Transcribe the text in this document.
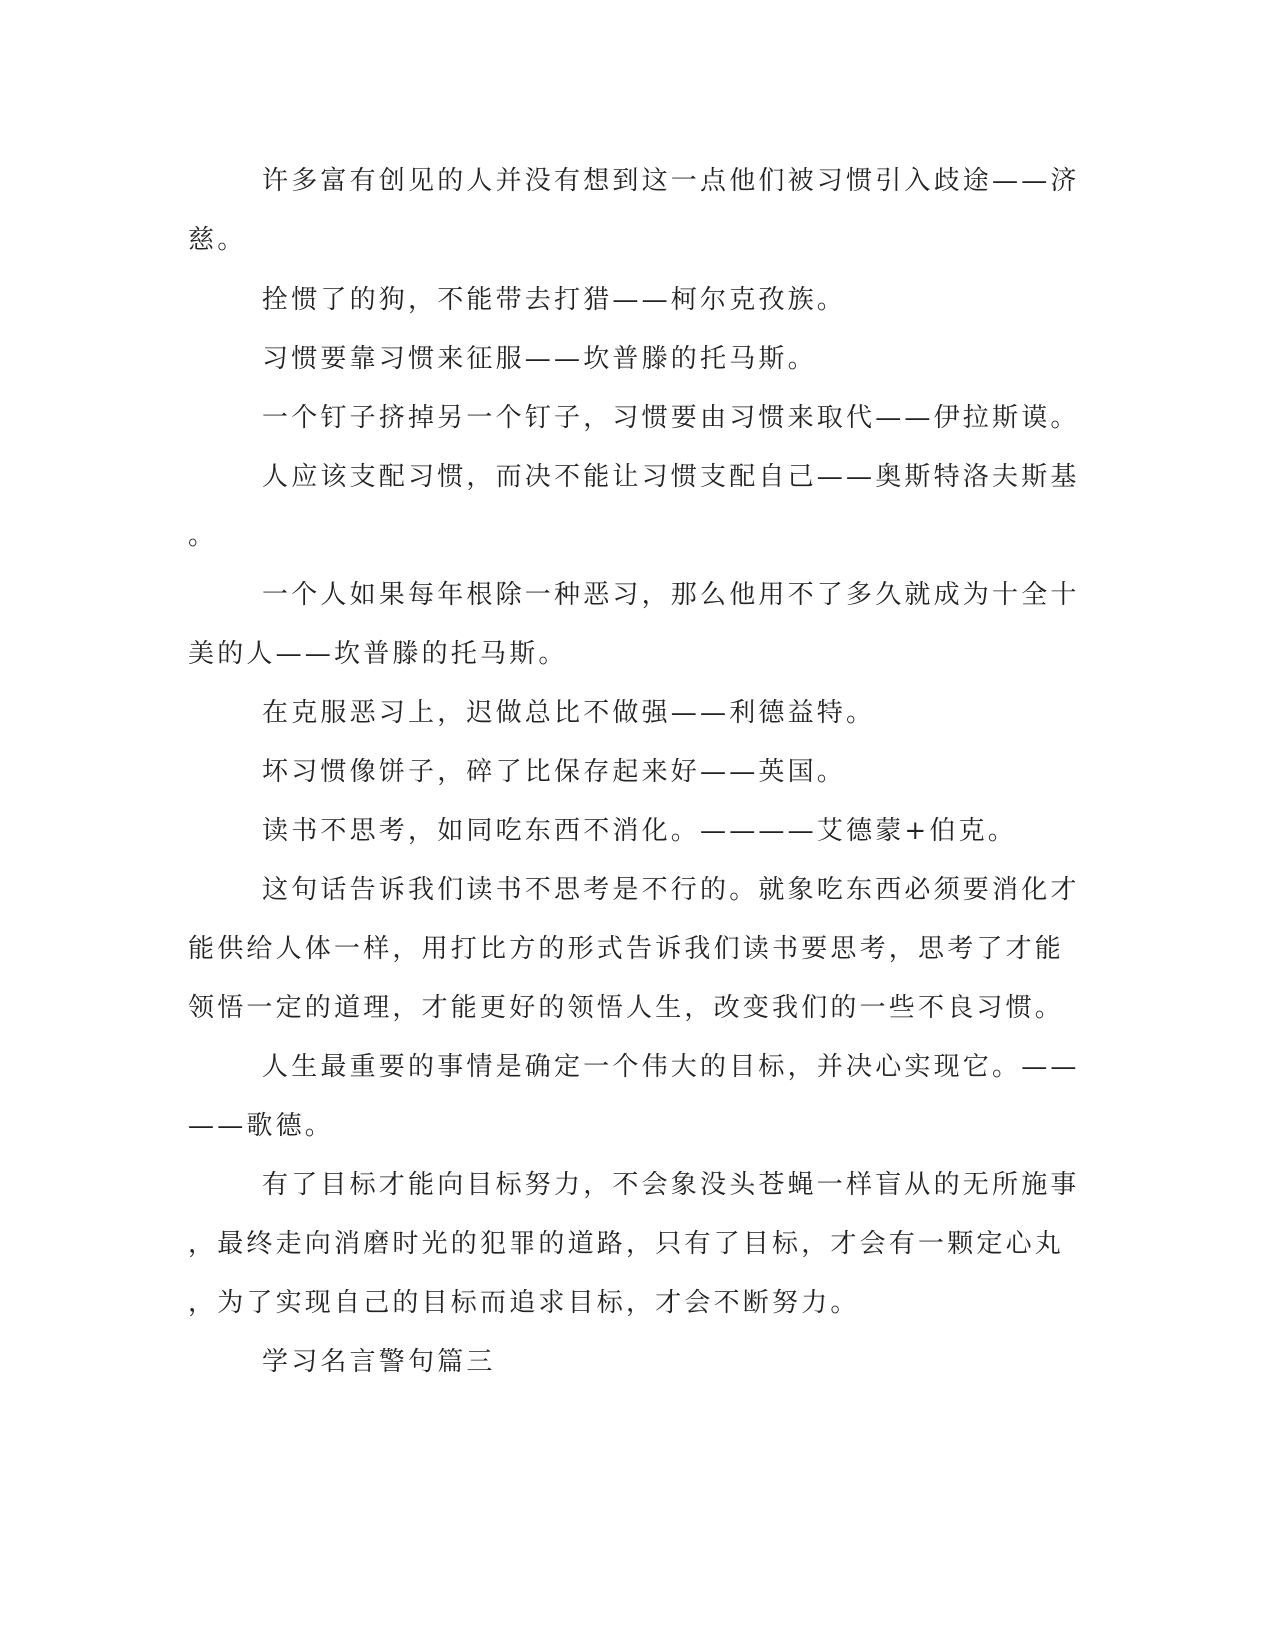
许多富有创见的人并没有想到这一点他们被习惯引入歧途——济

慈。

拴惯了的狗，不能带去打猎——柯尔克孜族。

习惯要靠习惯来征服——坎普滕的托马斯。

一个钉子挤掉另一个钉子，习惯要由习惯来取代——伊拉斯谟。

人应该支配习惯，而决不能让习惯支配自己——奥斯特洛夫斯基

。

一个人如果每年根除一种恶习，那么他用不了多久就成为十全十

美的人——坎普滕的托马斯。

在克服恶习上，迟做总比不做强——利德益特。

坏习惯像饼子，碎了比保存起来好——英国。

读书不思考，如同吃东西不消化。————艾德蒙+伯克。

这句话告诉我们读书不思考是不行的。就象吃东西必须要消化才

能供给人体一样，用打比方的形式告诉我们读书要思考，思考了才能

领悟一定的道理，才能更好的领悟人生，改变我们的一些不良习惯。

人生最重要的事情是确定一个伟大的目标，并决心实现它。——

——歌德。

有了目标才能向目标努力，不会象没头苍蝇一样盲从的无所施事

，最终走向消磨时光的犯罪的道路，只有了目标，才会有一颗定心丸

，为了实现自己的目标而追求目标，才会不断努力。

学习名言警句篇三
